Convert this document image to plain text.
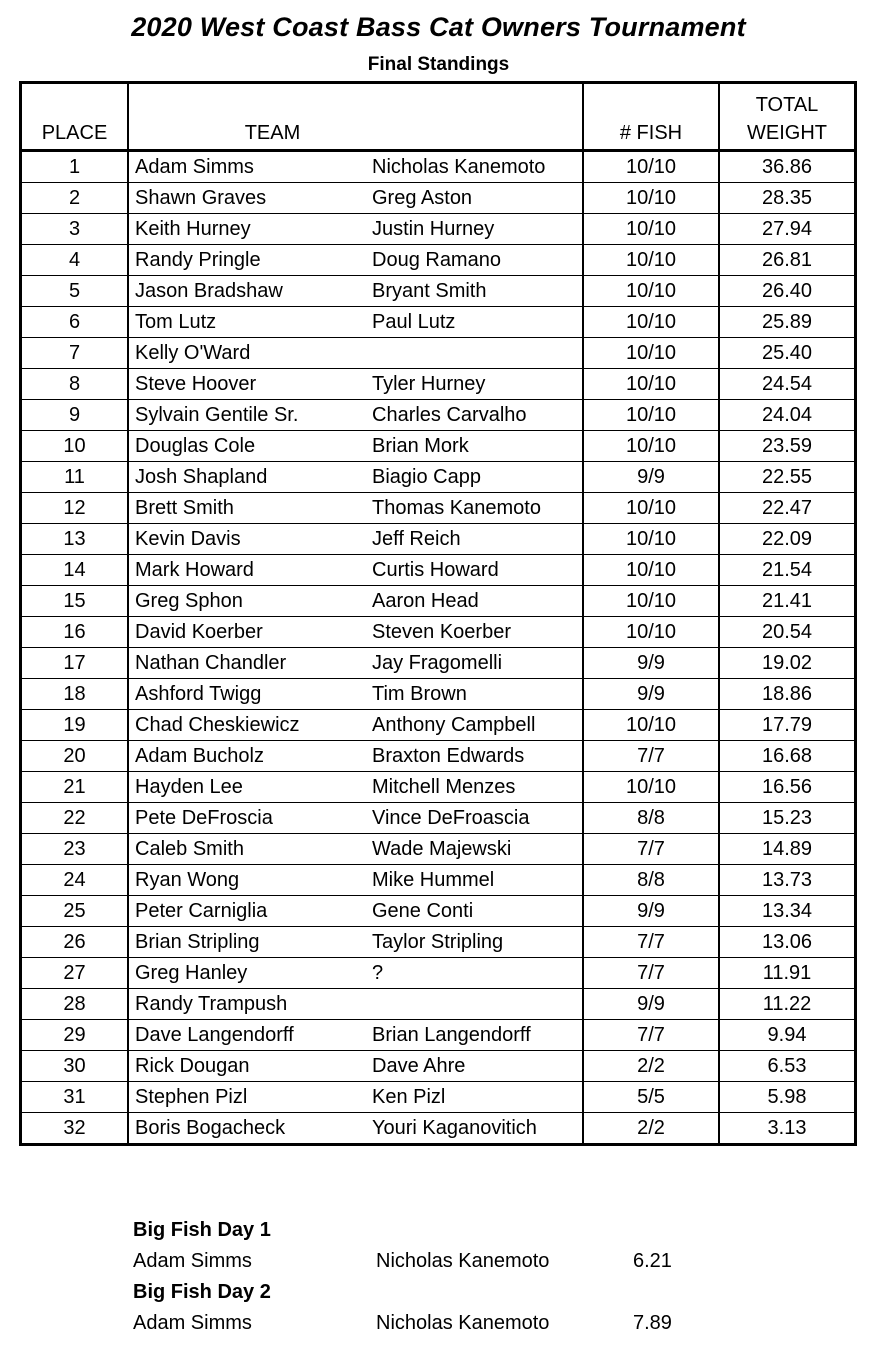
2020 West Coast Bass Cat Owners Tournament
Final Standings
PLACE	TEAM		# FISH	TOTAL
WEIGHT

1	Adam Simms	Nicholas Kanemoto	10/10	36.86
2	Shawn Graves	Greg Aston	10/10	28.35
3	Keith Hurney	Justin Hurney	10/10	27.94
4	Randy Pringle	Doug Ramano	10/10	26.81
5	Jason Bradshaw	Bryant Smith	10/10	26.40
6	Tom Lutz	Paul Lutz	10/10	25.89
7	Kelly O'Ward		10/10	25.40
8	Steve Hoover	Tyler Hurney	10/10	24.54
9	Sylvain Gentile Sr.	Charles Carvalho	10/10	24.04
10	Douglas Cole	Brian Mork	10/10	23.59
11	Josh Shapland	Biagio Capp	9/9	22.55
12	Brett Smith	Thomas Kanemoto	10/10	22.47
13	Kevin Davis	Jeff Reich	10/10	22.09
14	Mark Howard	Curtis Howard	10/10	21.54
15	Greg Sphon	Aaron Head	10/10	21.41
16	David Koerber	Steven Koerber	10/10	20.54
17	Nathan Chandler	Jay Fragomelli	9/9	19.02
18	Ashford Twigg	Tim Brown	9/9	18.86
19	Chad Cheskiewicz	Anthony Campbell	10/10	17.79
20	Adam Bucholz	Braxton Edwards	7/7	16.68
21	Hayden Lee	Mitchell Menzes	10/10	16.56
22	Pete DeFroscia	Vince DeFroascia	8/8	15.23
23	Caleb Smith	Wade Majewski	7/7	14.89
24	Ryan Wong	Mike Hummel	8/8	13.73
25	Peter Carniglia	Gene Conti	9/9	13.34
26	Brian Stripling	Taylor Stripling	7/7	13.06
27	Greg Hanley	?	7/7	11.91
28	Randy Trampush		9/9	11.22
29	Dave Langendorff	Brian Langendorff	7/7	9.94
30	Rick Dougan	Dave Ahre	2/2	6.53
31	Stephen Pizl	Ken Pizl	5/5	5.98
32	Boris Bogacheck	Youri Kaganovitich	2/2	3.13
Big Fish Day 1
Adam Simms	Nicholas Kanemoto	6.21
Big Fish Day 2
Adam Simms	Nicholas Kanemoto	7.89
